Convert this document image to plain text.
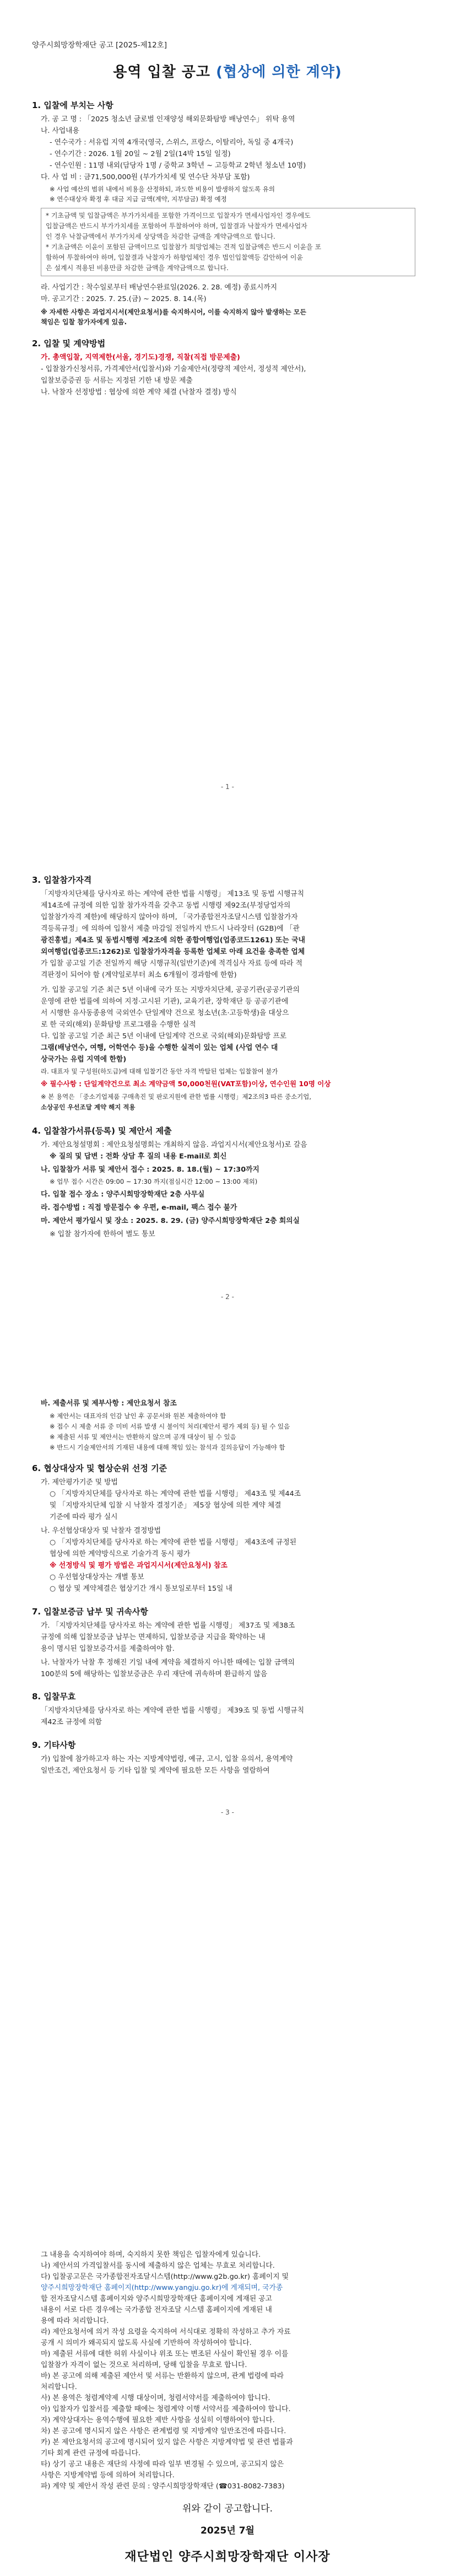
양주시희망장학재단 공고 [2025-제12호]
용역 입찰 공고 (협상에 의한 계약)
1. 입찰에 부치는 사항
가. 공 고 명 : 「2025 청소년 글로벌 인재양성 해외문화탐방 배낭연수」 위탁 용역
나. 사업내용
- 연수국가 : 서유럽 지역 4개국(영국, 스위스, 프랑스, 이탈리아, 독일 중 4개국)
- 연수기간 : 2026. 1월 20일 ~ 2월 2일(14박 15일 일정)
- 연수인원 : 11명 내외(담당자 1명 / 중학교 3학년 ~ 고등학교 2학년 청소년 10명)
다. 사 업 비 : 금71,500,000원 (부가가치세 및 연수단 차부담 포함)
※ 사업 예산의 범위 내에서 비용을 산정하되, 과도한 비용이 발생하지 않도록 유의
※ 연수대상자 확정 후 대금 지급 금액(계약, 지부담금) 확정 예정
* 기초금액 및 입찰금액은 부가가치세를 포함한 가격이므로 입찰자가 면세사업자인 경우에도
입찰금액은 반드시 부가가치세를 포함하여 투찰하여야 하며, 입찰결과 낙찰자가 면세사업자
인 경우 낙찰금액에서 부가가치세 상당액을 차감한 금액을 계약금액으로 합니다.
* 기초금액은 이윤이 포함된 금액이므로 입찰참가 희망업체는 견적 입찰금액은 반드시 이윤을 포
함하여 투찰하여야 하며, 입찰결과 낙찰자가 하향업체인 경우 법인입찰액등 감안하여 이윤
은 설계시 적용된 비용만큼 차감한 금액을 계약금액으로 합니다.
라. 사업기간 : 착수일로부터 배낭연수완료일(2026. 2. 28. 예정) 종료시까지
마. 공고기간 : 2025. 7. 25.(금) ~ 2025. 8. 14.(목)
※ 자세한 사항은 과업지시서(제안요청서)를 숙지하시어, 이를 숙지하지 않아 발생하는 모든
책임은 입찰 참가자에게 있음.
2. 입찰 및 계약방법
가. 총액입찰, 지역제한(서울, 경기도)경쟁, 직찰(직접 방문제출)
- 입찰참가신청서류, 가격제안서(입찰서)와 기술제안서(정량적 제안서, 정성적 제안서),
입찰보증증권 등 서류는 지정된 기한 내 방문 제출
나. 낙찰자 선정방법 : 협상에 의한 계약 체결 (낙찰자 결정) 방식
- 1 -
3. 입찰참가자격
「지방자치단체를 당사자로 하는 계약에 관한 법률 시행령」 제13조 및 동법 시행규칙
제14조에 규정에 의한 입찰 참가자격을 갖추고 동법 시행령 제92조(부정당업자의
입찰참가자격 제한)에 해당하지 않아야 하며, 「국가종합전자조달시스템 입찰참가자
격등록규정」에 의하여 입찰서 제출 마감일 전일까지 반드시 나라장터 (G2B)에 「관
광진흥법」제4조 및 동법시행령 제2조에 의한 종합여행업(업종코드1261) 또는 국내
외여행업(업종코드:1262)로 입찰참가자격을 등록한 업체로 아래 요건을 충족한 업체
가 입찰 공고일 기준 전일까지 해당 시행규칙(일반기준)에 적격심사 자료 등에 따라 적
격판정이 되어야 함 (계약일로부터 최소 6개월이 경과함에 한함)
가. 입찰 공고일 기준 최근 5년 이내에 국가 또는 지방자치단체, 공공기관(공공기관의
운영에 관한 법률에 의하여 지정·고시된 기관), 교육기관, 장학재단 등 공공기관에
서 시행한 유사동종용역 국외연수 단일계약 건으로 청소년(초·고등학생)을 대상으
로 한 국외(해외) 문화탐방 프로그램을 수행한 실적
다. 입찰 공고일 기준 최근 5년 이내에 단일계약 건으로 국외(해외)문화탐방 프로
그램(배낭연수, 여행, 어학연수 등)을 수행한 실적이 있는 업체 (사업 연수 대
상국가는 유럽 지역에 한함)
라. 대표자 및 구성원(하도급)에 대해 입찰기간 동안 자격 박탈된 업체는 입찰참여 불가
※ 필수사항 : 단일계약건으로 최소 계약금액 50,000천원(VAT포함)이상, 연수인원 10명 이상
※ 본 용역은 「중소기업제품 구매촉진 및 판로지원에 관한 법률 시행령」제2조의3 따른 중소기업,
소상공인 우선조달 계약 해지 적용
4. 입찰참가서류(등록) 및 제안서 제출
가. 제안요청설명회 : 제안요청설명회는 개최하지 않음. 과업지시서(제안요청서)로 갈음
※ 질의 및 답변 : 전화 상담 후 질의 내용 E-mail로 회신
나. 입찰참가 서류 및 제안서 접수 : 2025. 8. 18.(월) ~ 17:30까지
※ 업무 접수 시간은 09:00 ~ 17:30 까지(점심시간 12:00 ~ 13:00 제외)
다. 입찰 접수 장소 : 양주시희망장학재단 2층 사무실
라. 접수방법 : 직접 방문접수 ※ 우편, e-mail, 팩스 접수 불가
마. 제안서 평가일시 및 장소 : 2025. 8. 29. (금) 양주시희망장학재단 2층 회의실
※ 입찰 참가자에 한하여 별도 통보
- 2 -
바. 제출서류 및 제부사항 : 제안요청서 참조
※ 제안서는 대표자의 인감 날인 후 공문서와 원본 제출하여야 함
※ 접수 시 제출 서류 중 미비 서류 발생 시 불이익 처리(제안서 평가 제외 등) 될 수 있음
※ 제출된 서류 및 제안서는 반환하지 않으며 공개 대상이 될 수 있음
※ 반드시 기술제안서의 기재된 내용에 대해 책임 있는 참석과 질의응답이 가능해야 함
6. 협상대상자 및 협상순위 선정 기준
가. 제안평가기준 및 방법
○ 「지방자치단체를 당사자로 하는 계약에 관한 법률 시행령」 제43조 및 제44조
및 「지방자치단체 입찰 시 낙찰자 결정기준」 제5장 협상에 의한 계약 체결
기준에 따라 평가 실시
나. 우선협상대상자 및 낙찰자 결정방법
○ 「지방자치단체를 당사자로 하는 계약에 관한 법률 시행령」 제43조에 규정된
협상에 의한 계약방식으로 기술가격 동시 평가
※ 선정방식 및 평가 방법은 과업지시서(제안요청서) 참조
○ 우선협상대상자는 개별 통보
○ 협상 및 계약체결은 협상기간 개시 통보일로부터 15일 내
7. 입찰보증금 납부 및 귀속사항
가. 「지방자치단체를 당사자로 하는 계약에 관한 법률 시행령」 제37조 및 제38조
규정에 의해 입찰보증금 납부는 면제하되, 입찰보증금 지급을 확약하는 내
용이 명시된 입찰보증각서를 제출하여야 함.
나. 낙찰자가 낙찰 후 정해진 기일 내에 계약을 체결하지 아니한 때에는 입찰 금액의
100분의 5에 해당하는 입찰보증금은 우리 재단에 귀속하며 환급하지 않음
8. 입찰무효
「지방자치단체를 당사자로 하는 계약에 관한 법률 시행령」 제39조 및 동법 시행규칙
제42조 규정에 의함
9. 기타사항
가) 입찰에 참가하고자 하는 자는 지방계약법령, 예규, 고시, 입찰 유의서, 용역계약
일반조건, 제안요청서 등 기타 입찰 및 계약에 필요한 모든 사항을 열람하여
- 3 -
그 내용을 숙지하여야 하며, 숙지하지 못한 책임은 입찰자에게 있습니다.
나) 제안서의 가격입찰서를 동시에 제출하지 않은 업체는 무효로 처리합니다.
다) 입찰공고문은 국가종합전자조달시스템(http://www.g2b.go.kr) 홈페이지 및
양주시희망장학재단 홈페이지(http://www.yangju.go.kr)에 게재되며, 국가종
합 전자조달시스템 홈페이지와 양주시희망장학재단 홈페이지에 게재된 공고
내용이 서로 다른 경우에는 국가종합 전자조달 시스템 홈페이지에 게재된 내
용에 따라 처리합니다.
라) 제안요청서에 의거 작성 요령을 숙지하여 서식대로 정확히 작성하고 추가 자료
공개 시 의미가 왜곡되지 않도록 사실에 기반하여 작성하여야 합니다.
마) 제출된 서류에 대한 허위 사실이나 위조 또는 변조된 사실이 확인될 경우 이를
입찰참가 자격이 없는 것으로 처리하며, 당해 입찰을 무효로 합니다.
바) 본 공고에 의해 제출된 제안서 및 서류는 반환하지 않으며, 관계 법령에 따라
처리합니다.
사) 본 용역은 청렴계약제 시행 대상이며, 청렴서약서를 제출하여야 합니다.
아) 입찰자가 입찰서를 제출할 때에는 청렴계약 이행 서약서를 제출하여야 합니다.
자) 계약상대자는 용역수행에 필요한 제반 사항을 성실히 이행하여야 합니다.
차) 본 공고에 명시되지 않은 사항은 관계법령 및 지방계약 일반조건에 따릅니다.
카) 본 제안요청서의 공고에 명시되어 있지 않은 사항은 지방계약법 및 관련 법률과
기타 회계 관련 규정에 따릅니다.
타) 상기 공고 내용은 재단의 사정에 따라 일부 변경될 수 있으며, 공고되지 않은
사항은 지방계약법 등에 의하여 처리합니다.
파) 계약 및 제안서 작성 관련 문의 : 양주시희망장학재단 (☎031-8082-7383)
위와 같이 공고합니다.
2025년 7월
재단법인 양주시희망장학재단 이사장
